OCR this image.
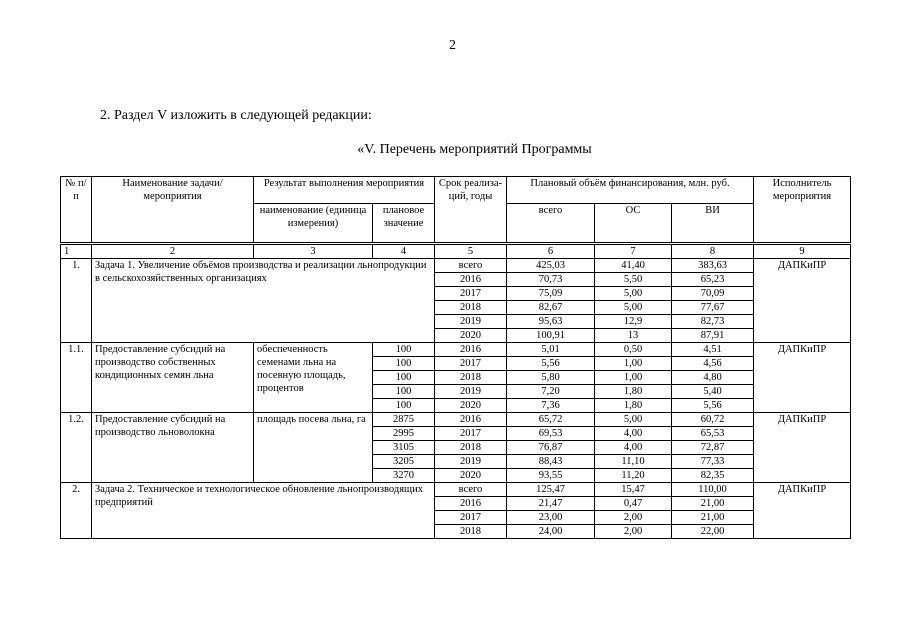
2
2. Раздел V изложить в следующей редакции:
«V. Перечень мероприятий Программы
№ п/п	Наименование задачи/ мероприятия	Результат выполнения мероприятия		Срок реализа-ций, годы	Плановый объём финансирования, млн. руб.			Исполнитель мероприятия
		наименование (единица измерения)	плановое значение		всего	ОС	ВИ	
1	2	3	4	5	6	7	8	9
1.	Задача 1. Увеличение объёмов производства и реализации льнопродукции в сельскохозяйственных организациях			всего	425,03	41,40	383,63	ДАПКиПР
				2016	70,73	5,50	65,23	
				2017	75,09	5,00	70,09	
				2018	82,67	5,00	77,67	
				2019	95,63	12,9	82,73	
				2020	100,91	13	87,91	
1.1.	Предоставление субсидий на производство собственных кондиционных семян льна	обеспеченность семенами льна на посевную площадь, процентов	100	2016	5,01	0,50	4,51	ДАПКиПР
			100	2017	5,56	1,00	4,56	
			100	2018	5,80	1,00	4,80	
			100	2019	7,20	1,80	5,40	
			100	2020	7,36	1,80	5,56	
1.2.	Предоставление субсидий на производство льноволокна	площадь посева льна, га	2875	2016	65,72	5,00	60,72	ДАПКиПР
			2995	2017	69,53	4,00	65,53	
			3105	2018	76,87	4,00	72,87	
			3205	2019	88,43	11,10	77,33	
			3270	2020	93,55	11,20	82,35	
2.	Задача 2. Техническое и технологическое обновление льнопроизводящих предприятий			всего	125,47	15,47	110,00	ДАПКиПР
				2016	21,47	0,47	21,00	
				2017	23,00	2,00	21,00	
				2018	24,00	2,00	22,00	
